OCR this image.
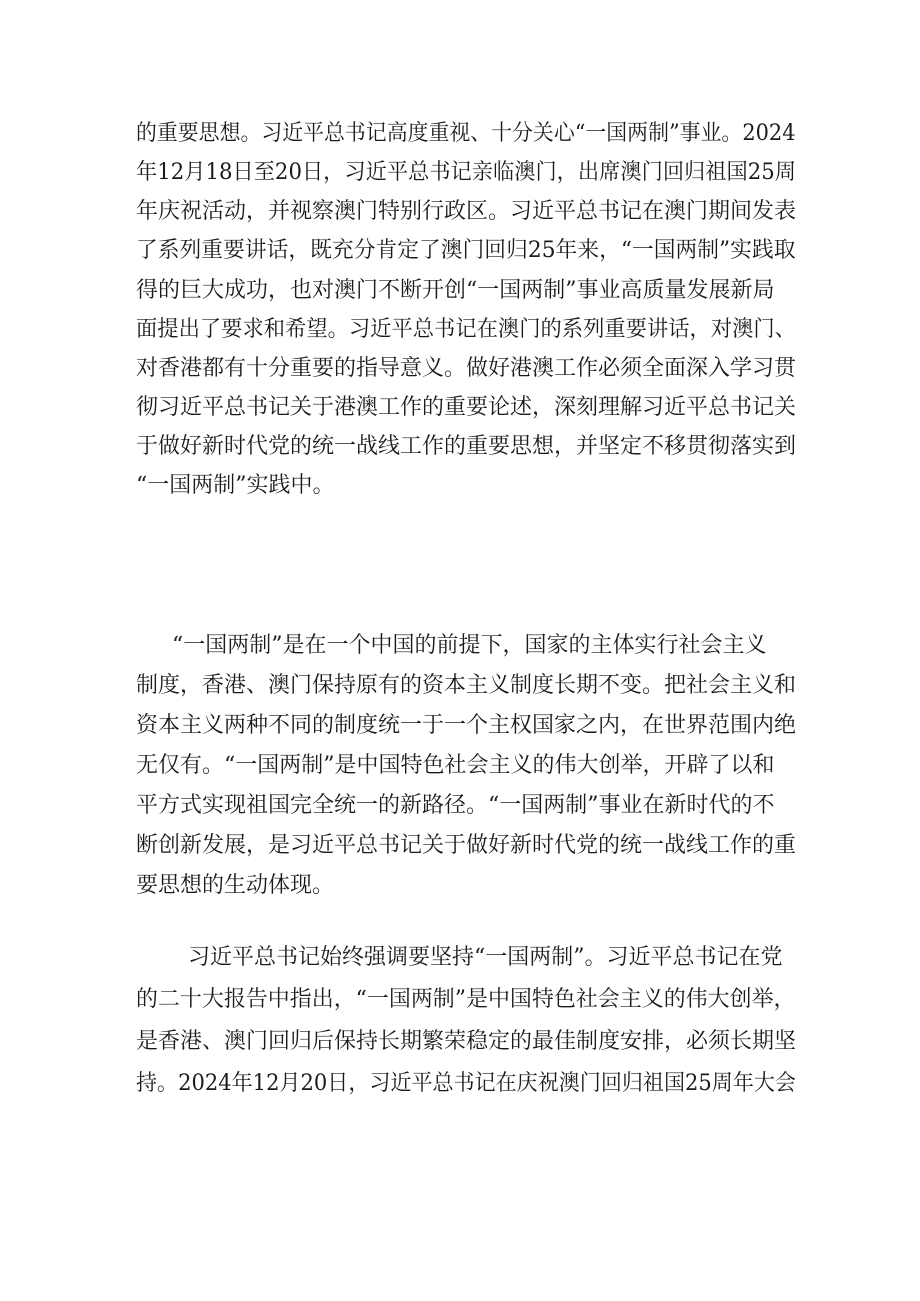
的重要思想。习近平总书记高度重视、十分关心“一国两制”事业。2024
年12月18日至20日，习近平总书记亲临澳门，出席澳门回归祖国25周
年庆祝活动，并视察澳门特别行政区。习近平总书记在澳门期间发表
了系列重要讲话，既充分肯定了澳门回归25年来，“一国两制”实践取
得的巨大成功，也对澳门不断开创“一国两制”事业高质量发展新局
面提出了要求和希望。习近平总书记在澳门的系列重要讲话，对澳门、
对香港都有十分重要的指导意义。做好港澳工作必须全面深入学习贯
彻习近平总书记关于港澳工作的重要论述，深刻理解习近平总书记关
于做好新时代党的统一战线工作的重要思想，并坚定不移贯彻落实到
“一国两制”实践中。
“一国两制”是在一个中国的前提下，国家的主体实行社会主义
制度，香港、澳门保持原有的资本主义制度长期不变。把社会主义和
资本主义两种不同的制度统一于一个主权国家之内，在世界范围内绝
无仅有。“一国两制”是中国特色社会主义的伟大创举，开辟了以和
平方式实现祖国完全统一的新路径。“一国两制”事业在新时代的不
断创新发展，是习近平总书记关于做好新时代党的统一战线工作的重
要思想的生动体现。
习近平总书记始终强调要坚持“一国两制”。习近平总书记在党
的二十大报告中指出，“一国两制”是中国特色社会主义的伟大创举，
是香港、澳门回归后保持长期繁荣稳定的最佳制度安排，必须长期坚
持。2024年12月20日，习近平总书记在庆祝澳门回归祖国25周年大会
